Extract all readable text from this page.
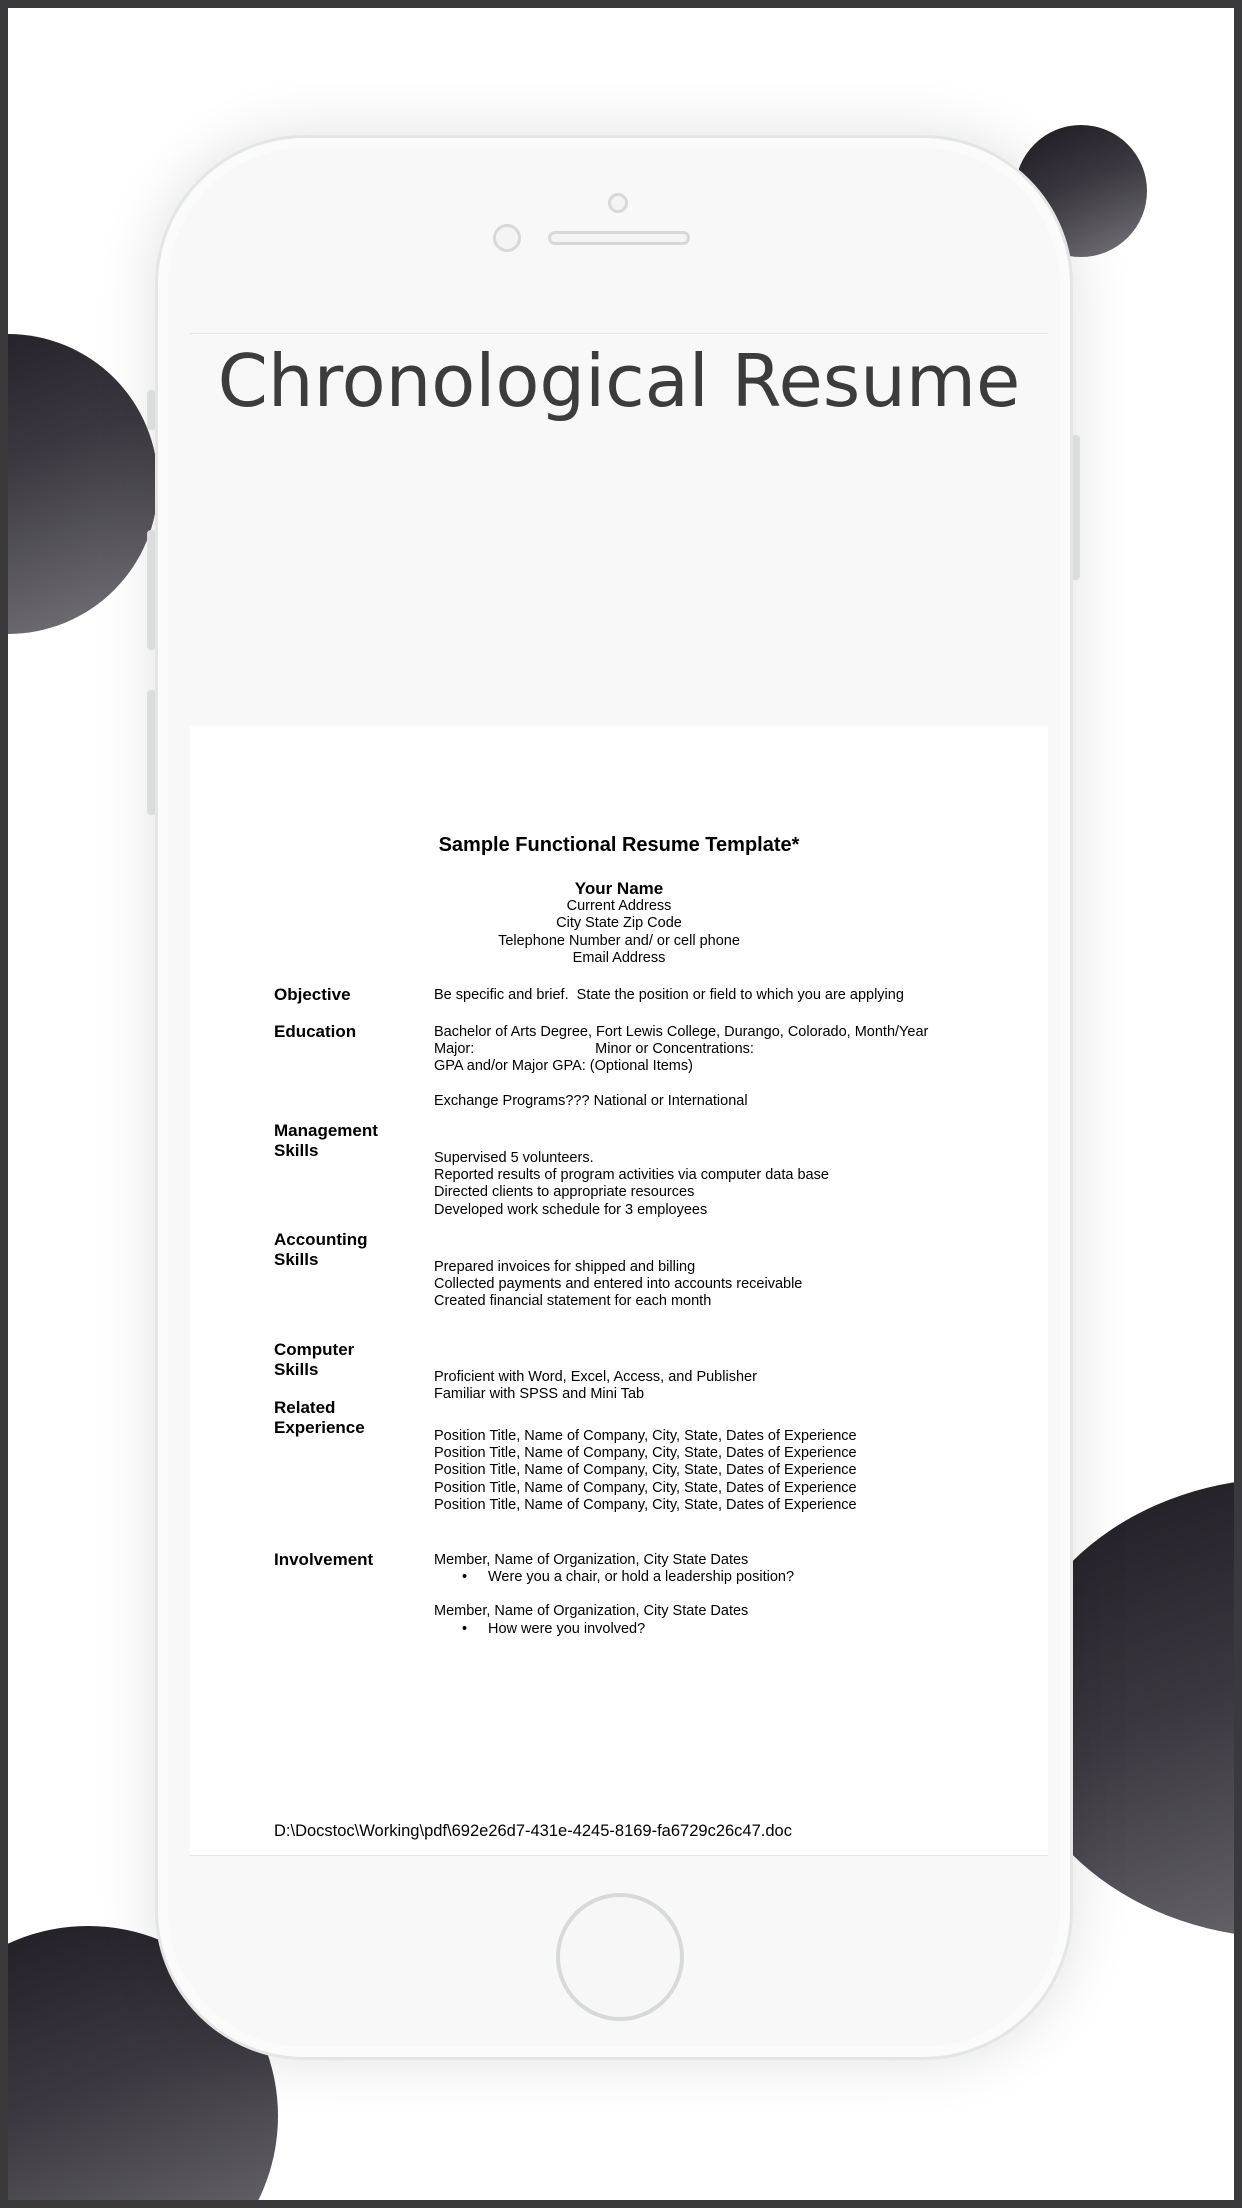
Chronological Resume
Sample Functional Resume Template*
Your Name
Current Address
City State Zip Code
Telephone Number and/ or cell phone
Email Address
Objective	Be specific and brief.  State the position or field to which you are applying
Education	Bachelor of Arts Degree, Fort Lewis College, Durango, Colorado, Month/Year
Major:                              Minor or Concentrations:
GPA and/or Major GPA: (Optional Items)
Exchange Programs??? National or International
Management
Skills	Supervised 5 volunteers.
Reported results of program activities via computer data base
Directed clients to appropriate resources
Developed work schedule for 3 employees
Accounting
Skills	Prepared invoices for shipped and billing
Collected payments and entered into accounts receivable
Created financial statement for each month
Computer
Skills	Proficient with Word, Excel, Access, and Publisher
Familiar with SPSS and Mini Tab
Related
Experience	Position Title, Name of Company, City, State, Dates of Experience
Position Title, Name of Company, City, State, Dates of Experience
Position Title, Name of Company, City, State, Dates of Experience
Position Title, Name of Company, City, State, Dates of Experience
Position Title, Name of Company, City, State, Dates of Experience
Involvement	Member, Name of Organization, City State Dates
• Were you a chair, or hold a leadership position?
Member, Name of Organization, City State Dates
• How were you involved?
D:\Docstoc\Working\pdf\692e26d7-431e-4245-8169-fa6729c26c47.doc
